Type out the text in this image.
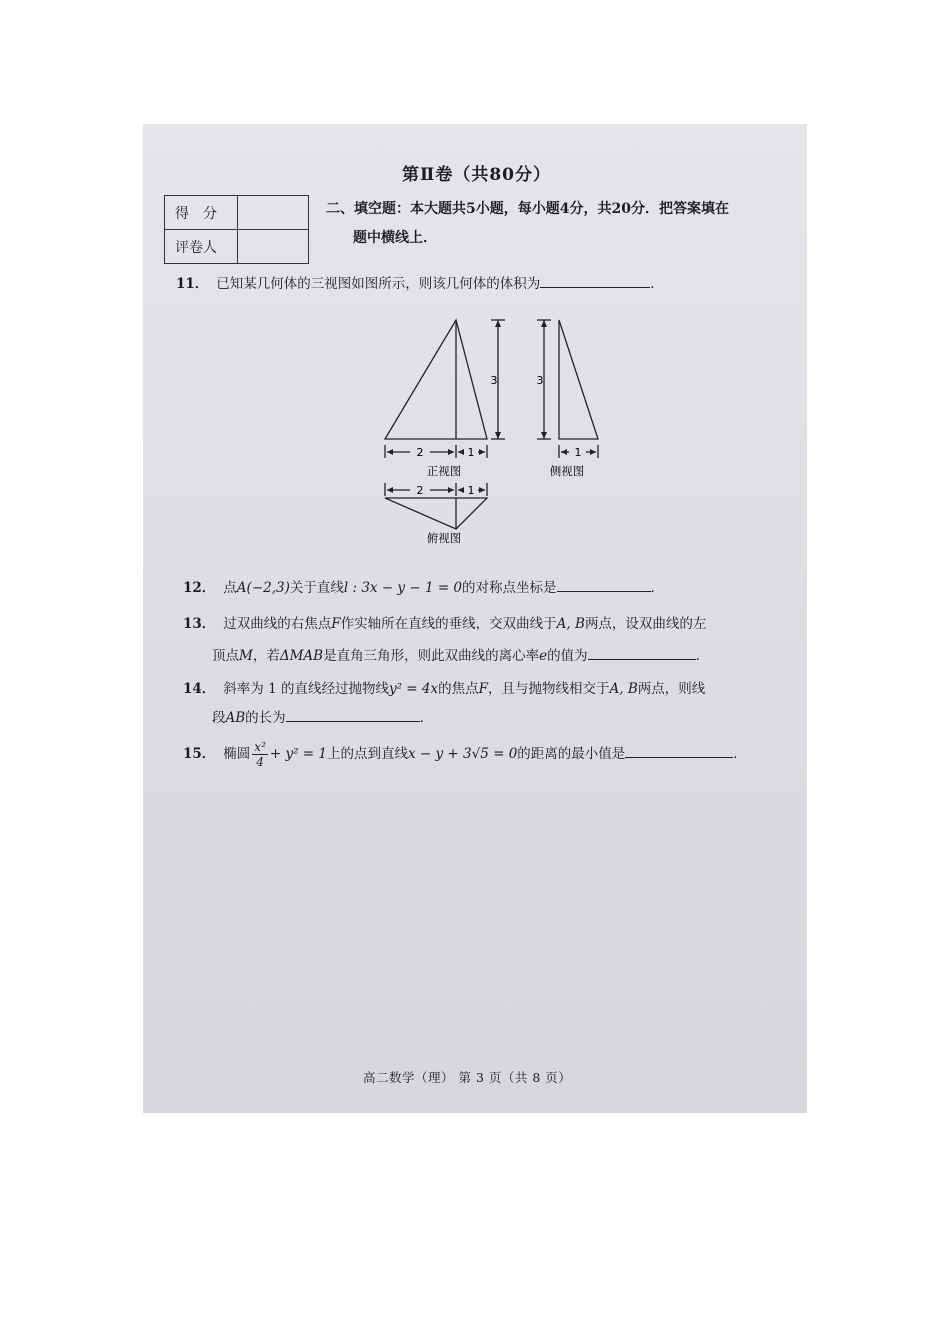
第Ⅱ卷（共80分）
得　分	
评卷人	
二、填空题：本大题共5小题，每小题4分，共20分．把答案填在
题中横线上．
11． 已知某几何体的三视图如图所示，则该几何体的体积为	．
3	3
2	1	1
2	1
正视图	侧视图
俯视图
12． 点A(−2,3)关于直线l : 3x − y − 1 = 0的对称点坐标是	．
13． 过双曲线的右焦点F作实轴所在直线的垂线，交双曲线于A, B两点，设双曲线的左
顶点M，若ΔMAB是直角三角形，则此双曲线的离心率e的值为	．
14． 斜率为 1 的直线经过抛物线y² = 4x的焦点F，且与抛物线相交于A, B两点，则线
段AB的长为	．
15． 椭圆 $\frac{\text{x²}}{4} + y^2 = 1$上的点到直线x − y + 3√5 = 0的距离的最小值是	．
高二数学（理） 第 3 页（共 8 页）
